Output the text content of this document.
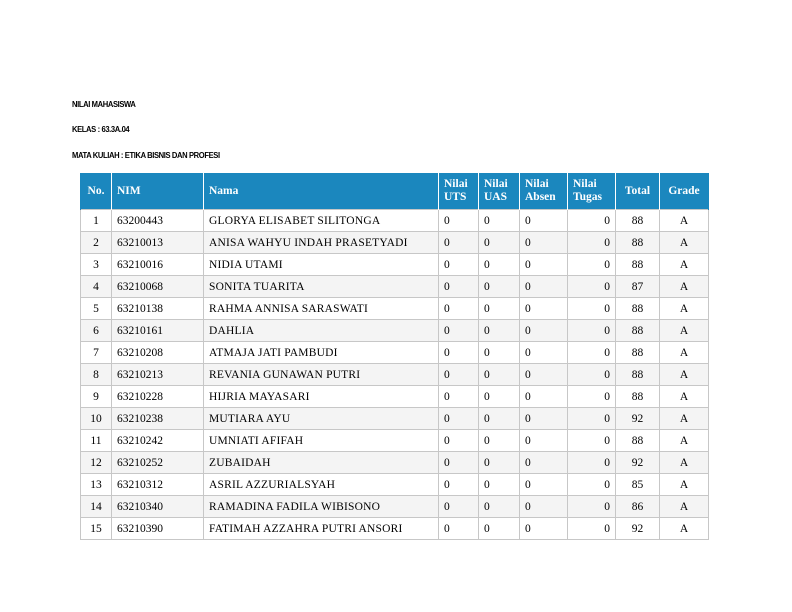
NILAI MAHASISWA
KELAS : 63.3A.04
MATA KULIAH : ETIKA BISNIS DAN PROFESI
No.	NIM	Nama	Nilai UTS	Nilai UAS	Nilai Absen	Nilai Tugas	Total	Grade
1	63200443	GLORYA ELISABET SILITONGA	0	0	0	0	88	A
2	63210013	ANISA WAHYU INDAH PRASETYADI	0	0	0	0	88	A
3	63210016	NIDIA UTAMI	0	0	0	0	88	A
4	63210068	SONITA TUARITA	0	0	0	0	87	A
5	63210138	RAHMA ANNISA SARASWATI	0	0	0	0	88	A
6	63210161	DAHLIA	0	0	0	0	88	A
7	63210208	ATMAJA JATI PAMBUDI	0	0	0	0	88	A
8	63210213	REVANIA GUNAWAN PUTRI	0	0	0	0	88	A
9	63210228	HIJRIA MAYASARI	0	0	0	0	88	A
10	63210238	MUTIARA AYU	0	0	0	0	92	A
11	63210242	UMNIATI AFIFAH	0	0	0	0	88	A
12	63210252	ZUBAIDAH	0	0	0	0	92	A
13	63210312	ASRIL AZZURIALSYAH	0	0	0	0	85	A
14	63210340	RAMADINA FADILA WIBISONO	0	0	0	0	86	A
15	63210390	FATIMAH AZZAHRA PUTRI ANSORI	0	0	0	0	92	A
